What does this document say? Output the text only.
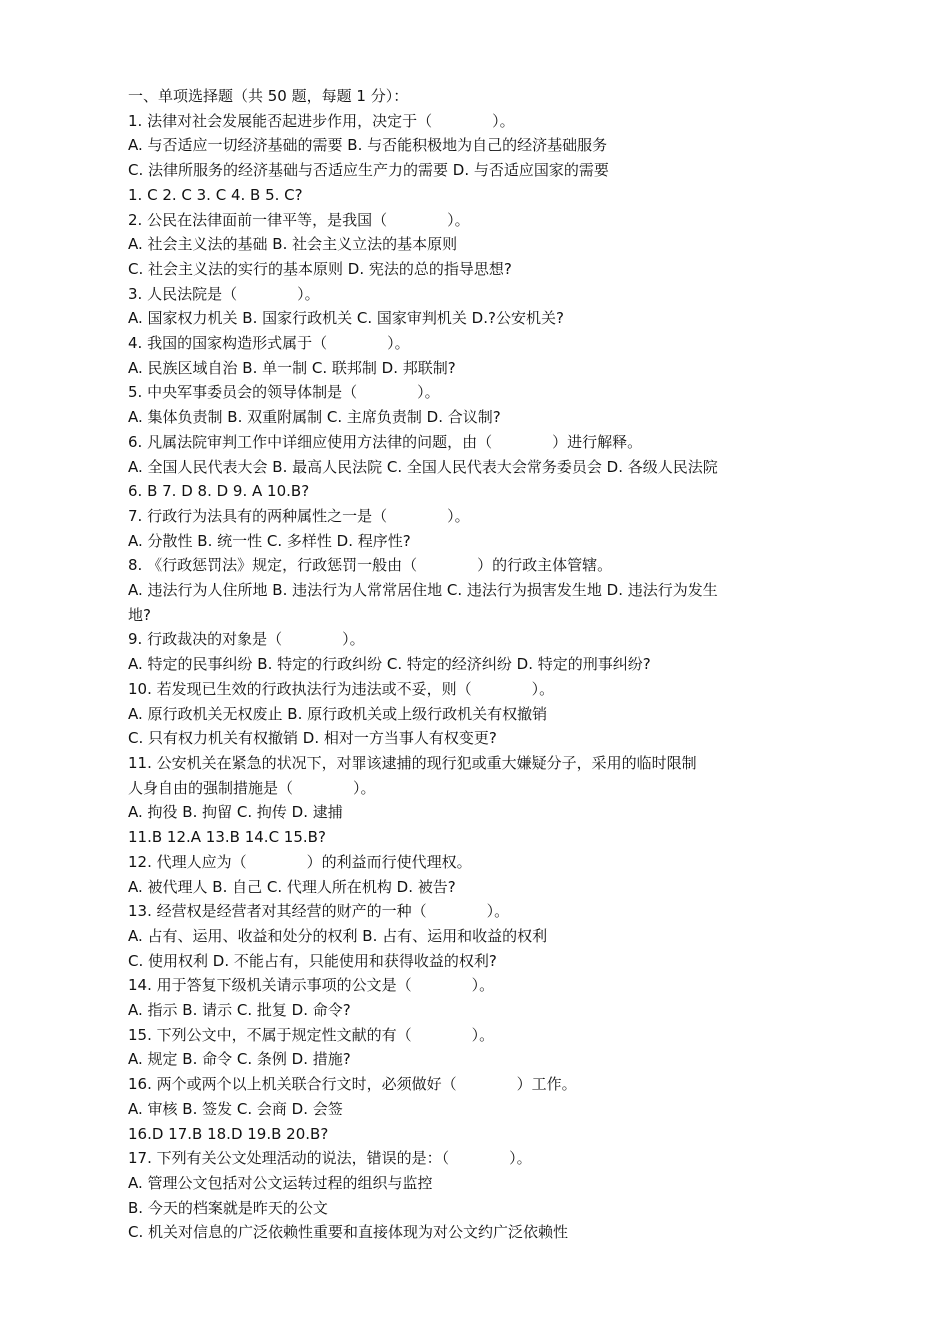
一、单项选择题（共 50 题，每题 1 分）：

1. 法律对社会发展能否起进步作用，决定于（　　　　）。

A. 与否适应一切经济基础的需要 B. 与否能积极地为自己的经济基础服务

C. 法律所服务的经济基础与否适应生产力的需要 D. 与否适应国家的需要

1. C 2. C 3. C 4. B 5. C?

2. 公民在法律面前一律平等，是我国（　　　　）。

A. 社会主义法的基础 B. 社会主义立法的基本原则

C. 社会主义法的实行的基本原则 D. 宪法的总的指导思想?

3. 人民法院是（　　　　）。

A. 国家权力机关 B. 国家行政机关 C. 国家审判机关 D.?公安机关?

4. 我国的国家构造形式属于（　　　　）。

A. 民族区域自治 B. 单一制 C. 联邦制 D. 邦联制?

5. 中央军事委员会的领导体制是（　　　　）。

A. 集体负责制 B. 双重附属制 C. 主席负责制 D. 合议制?

6. 凡属法院审判工作中详细应使用方法律的问题，由（　　　　）进行解释。

A. 全国人民代表大会 B. 最高人民法院 C. 全国人民代表大会常务委员会 D. 各级人民法院

6. B 7. D 8. D 9. A 10.B?

7. 行政行为法具有的两种属性之一是（　　　　）。

A. 分散性 B. 统一性 C. 多样性 D. 程序性?

8. 《行政惩罚法》规定，行政惩罚一般由（　　　　）的行政主体管辖。

A. 违法行为人住所地 B. 违法行为人常常居住地 C. 违法行为损害发生地 D. 违法行为发生

地?

9. 行政裁决的对象是（　　　　）。

A. 特定的民事纠纷 B. 特定的行政纠纷 C. 特定的经济纠纷 D. 特定的刑事纠纷?

10. 若发现已生效的行政执法行为违法或不妥，则（　　　　）。

A. 原行政机关无权废止 B. 原行政机关或上级行政机关有权撤销

C. 只有权力机关有权撤销 D. 相对一方当事人有权变更?

11. 公安机关在紧急的状况下，对罪该逮捕的现行犯或重大嫌疑分子，采用的临时限制

人身自由的强制措施是（　　　　）。

A. 拘役 B. 拘留 C. 拘传 D. 逮捕

11.B 12.A 13.B 14.C 15.B?

12. 代理人应为（　　　　）的利益而行使代理权。

A. 被代理人 B. 自己 C. 代理人所在机构 D. 被告?

13. 经营权是经营者对其经营的财产的一种（　　　　）。

A. 占有、运用、收益和处分的权利 B. 占有、运用和收益的权利

C. 使用权利 D. 不能占有，只能使用和获得收益的权利?

14. 用于答复下级机关请示事项的公文是（　　　　）。

A. 指示 B. 请示 C. 批复 D. 命令?

15. 下列公文中，不属于规定性文献的有（　　　　）。

A. 规定 B. 命令 C. 条例 D. 措施?

16. 两个或两个以上机关联合行文时，必须做好（　　　　）工作。

A. 审核 B. 签发 C. 会商 D. 会签

16.D 17.B 18.D 19.B 20.B?

17. 下列有关公文处理活动的说法，错误的是：（　　　　）。

A. 管理公文包括对公文运转过程的组织与监控

B. 今天的档案就是昨天的公文

C. 机关对信息的广泛依赖性重要和直接体现为对公文约广泛依赖性
